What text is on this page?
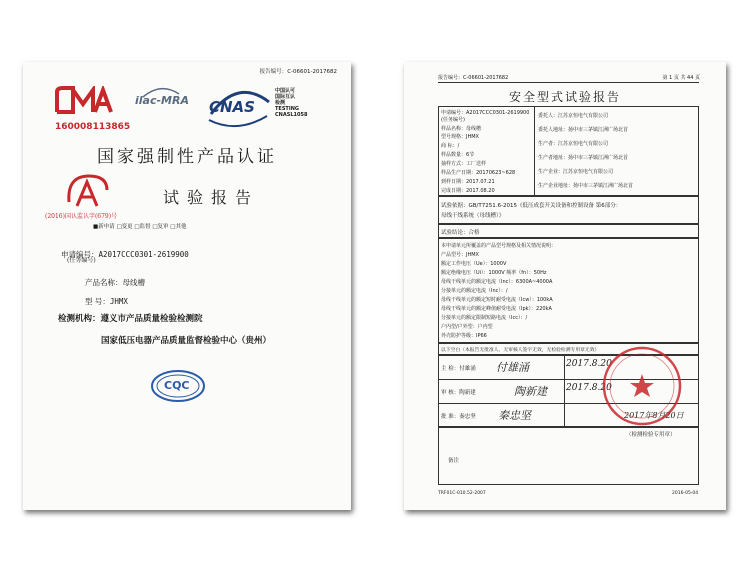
报告编号：C-06601-2017682
160008113865
ilac-MRA CNAS
中国认可
国际互认
检测
TESTING
CNASL1058
国家强制性产品认证
试验报告
(2016)国认监认字(679)号
■新申请 □变更 □监督 □复审 □其他
申请编号：A2017CCC0301-2619900
(任务编号)
产品名称：母线槽
型 号：JHMX
检测机构：遵义市产品质量检验检测院
国家低压电器产品质量监督检验中心（贵州）
CQC
报告编号：C-06601-2017682	第 1 页 共 44 页
安全型式试验报告
申请编号：A2017CCC0301-2619900
(任务编号)
样品名称：母线槽
型号规格：JHMX
商 标：/
样品数量：6节
抽样方式：工厂送样
样品生产日期：20170623~628
到样日期：2017.07.21
完成日期：2017.08.20
委托人：江苏京恒电气有限公司
委托人地址：扬中市三茅镇江洲广场北首
生产者：江苏京恒电气有限公司
生产者地址：扬中市三茅镇江洲广场北首
生产企业：江苏京恒电气有限公司
生产企业地址：扬中市三茅镇江洲广场北首
试验依据：GB/T7251.6-2015《低压成套开关设备和控制设备 第6部分：
母线干线系统（母线槽）》
试验结论：合格
本申请单元所覆盖的产品型号规格及相关情况说明：
产品型号：JHMX
额定工作电压（Ue）：1000V
额定绝缘电压（Ui）：1000V 频率（fn）：50Hz
母线干线单元的额定电流（Inc）：6300A~4000A
分接单元的额定电流（Inc）：/
母线干线单元的额定短时耐受电流（Icw）：100kA
母线干线单元的额定峰值耐受电流（Ipk）：220kA
分接单元的额定限制短路电流（Icc）：/
户内型/户外型：户内型
外壳防护等级：IP66
以下空白（本报告无批准人、无审核人签字无效，无检验检测专用章无效）
主 检：付雄涌
审 核：陶新建
批 准：秦忠坚
付雄涌
陶新建
秦忠坚
2017.8.20
2017.8.20
2017年8月20日
（检测检验专用章）
备注
TRF01C-010.52-2007	2016-05-04
